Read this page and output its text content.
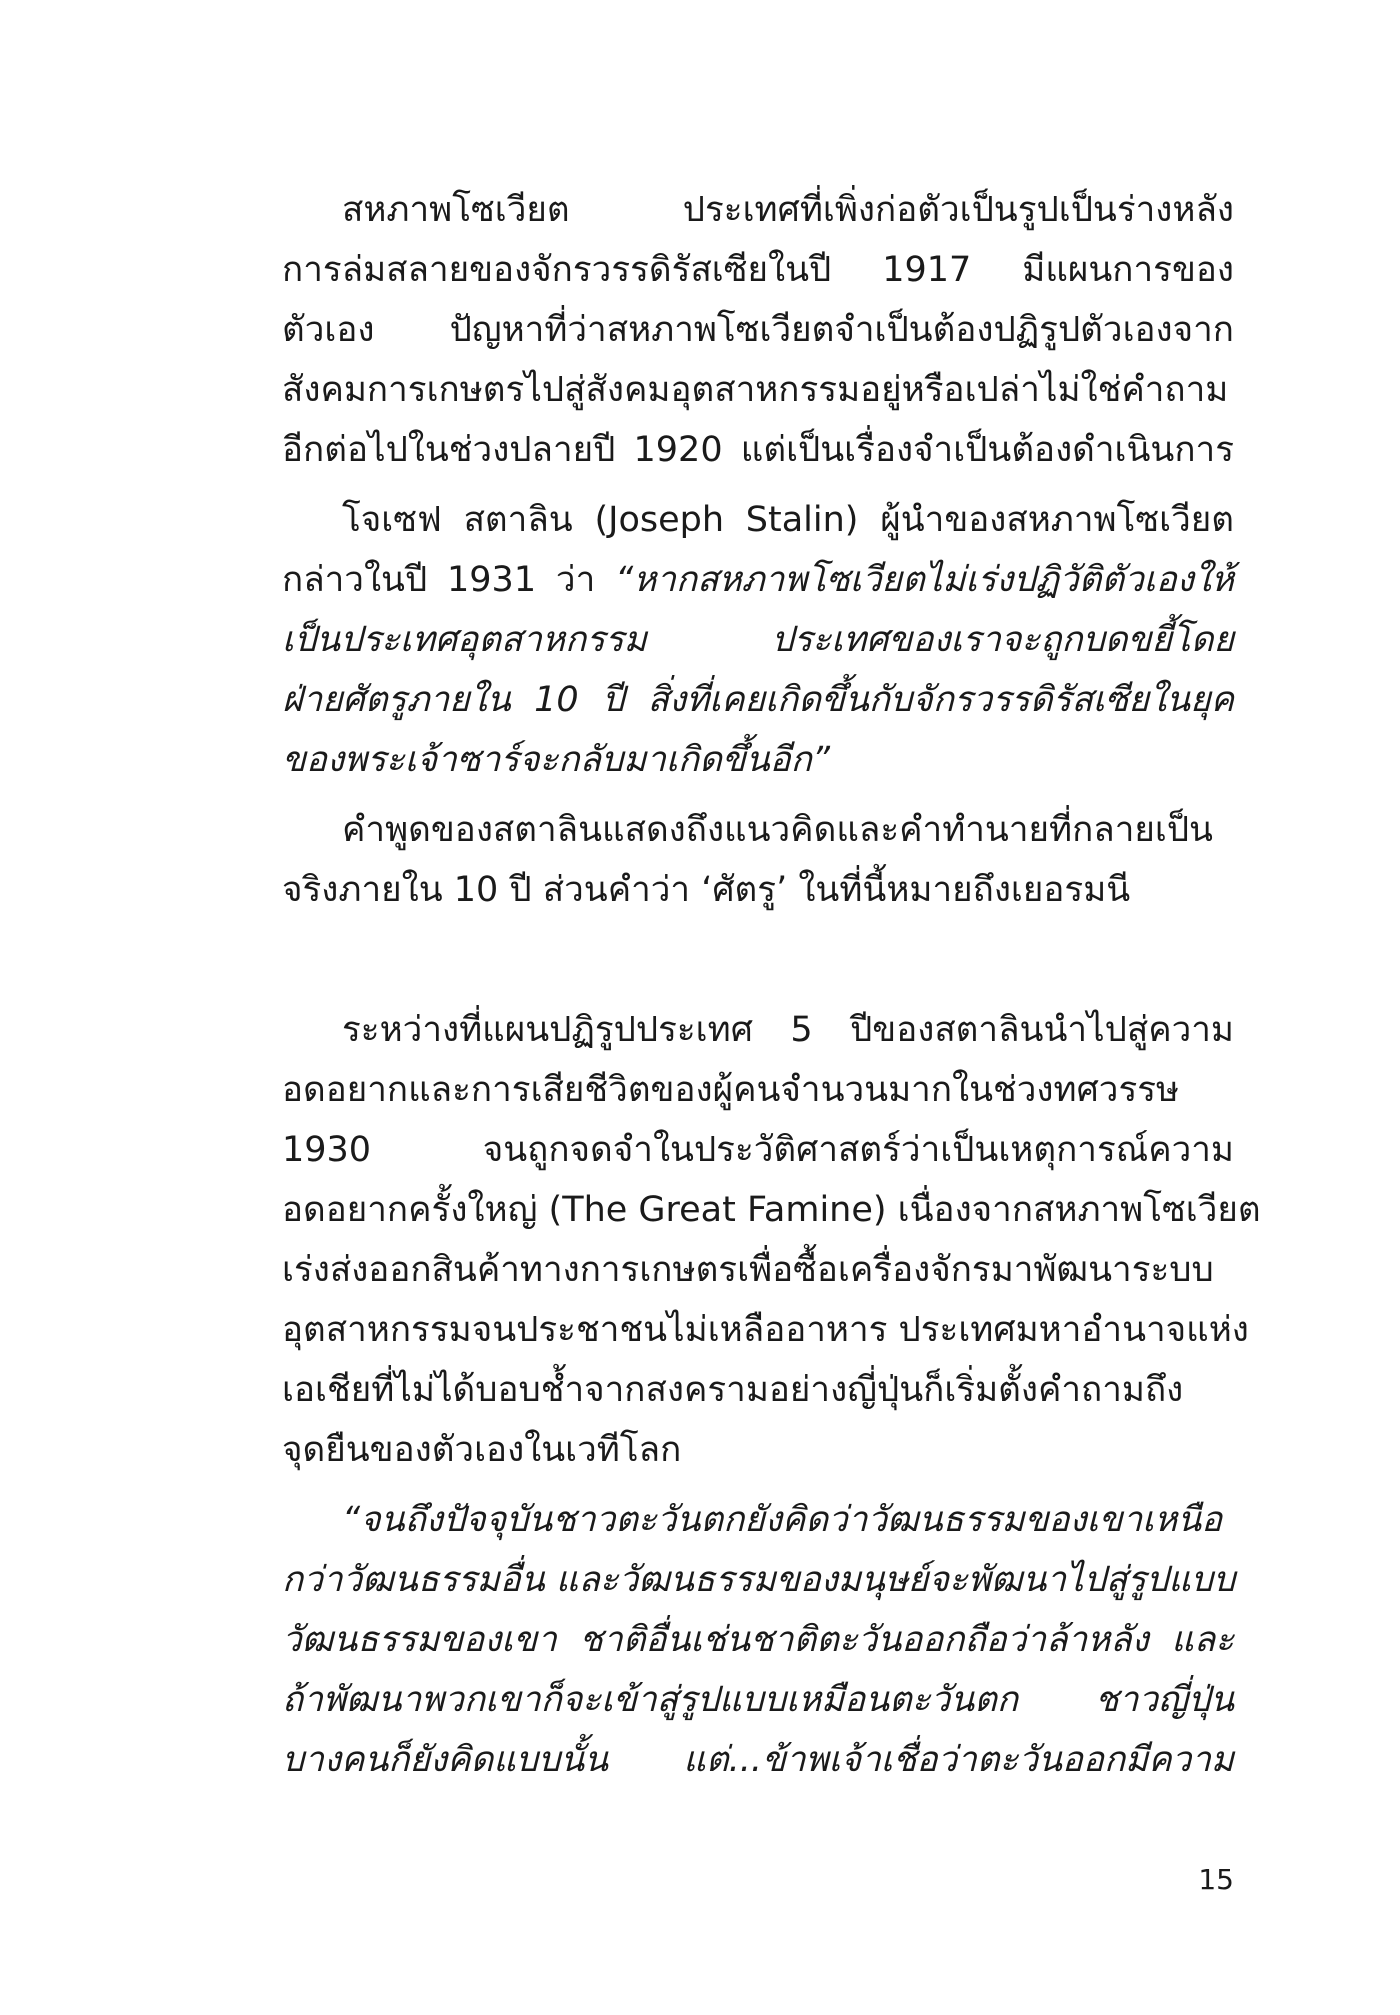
สหภาพโซเวียต ประเทศที่เพิ่งก่อตัวเป็นรูปเป็นร่างหลัง
การล่มสลายของจักรวรรดิรัสเซียในปี 1917 มีแผนการของ
ตัวเอง ปัญหาที่ว่าสหภาพโซเวียตจำเป็นต้องปฏิรูปตัวเองจาก
สังคมการเกษตรไปสู่สังคมอุตสาหกรรมอยู่หรือเปล่าไม่ใช่คำถาม
อีกต่อไปในช่วงปลายปี 1920 แต่เป็นเรื่องจำเป็นต้องดำเนินการ
โจเซฟ สตาลิน (Joseph Stalin) ผู้นำของสหภาพโซเวียต
กล่าวในปี 1931 ว่า “หากสหภาพโซเวียตไม่เร่งปฏิวัติตัวเองให้
เป็นประเทศอุตสาหกรรม ประเทศของเราจะถูกบดขยี้โดย
ฝ่ายศัตรูภายใน 10 ปี สิ่งที่เคยเกิดขึ้นกับจักรวรรดิรัสเซียในยุค
ของพระเจ้าซาร์จะกลับมาเกิดขึ้นอีก”
คำพูดของสตาลินแสดงถึงแนวคิดและคำทำนายที่กลายเป็น
จริงภายใน 10 ปี ส่วนคำว่า ‘ศัตรู’ ในที่นี้หมายถึงเยอรมนี
ระหว่างที่แผนปฏิรูปประเทศ 5 ปีของสตาลินนำไปสู่ความ
อดอยากและการเสียชีวิตของผู้คนจำนวนมากในช่วงทศวรรษ
1930 จนถูกจดจำในประวัติศาสตร์ว่าเป็นเหตุการณ์ความ
อดอยากครั้งใหญ่ (The Great Famine) เนื่องจากสหภาพโซเวียต
เร่งส่งออกสินค้าทางการเกษตรเพื่อซื้อเครื่องจักรมาพัฒนาระบบ
อุตสาหกรรมจนประชาชนไม่เหลืออาหาร ประเทศมหาอำนาจแห่ง
เอเชียที่ไม่ได้บอบช้ำจากสงครามอย่างญี่ปุ่นก็เริ่มตั้งคำถามถึง
จุดยืนของตัวเองในเวทีโลก
“จนถึงปัจจุบันชาวตะวันตกยังคิดว่าวัฒนธรรมของเขาเหนือ
กว่าวัฒนธรรมอื่น และวัฒนธรรมของมนุษย์จะพัฒนาไปสู่รูปแบบ
วัฒนธรรมของเขา ชาติอื่นเช่นชาติตะวันออกถือว่าล้าหลัง และ
ถ้าพัฒนาพวกเขาก็จะเข้าสู่รูปแบบเหมือนตะวันตก ชาวญี่ปุ่น
บางคนก็ยังคิดแบบนั้น แต่...ข้าพเจ้าเชื่อว่าตะวันออกมีความ
15
